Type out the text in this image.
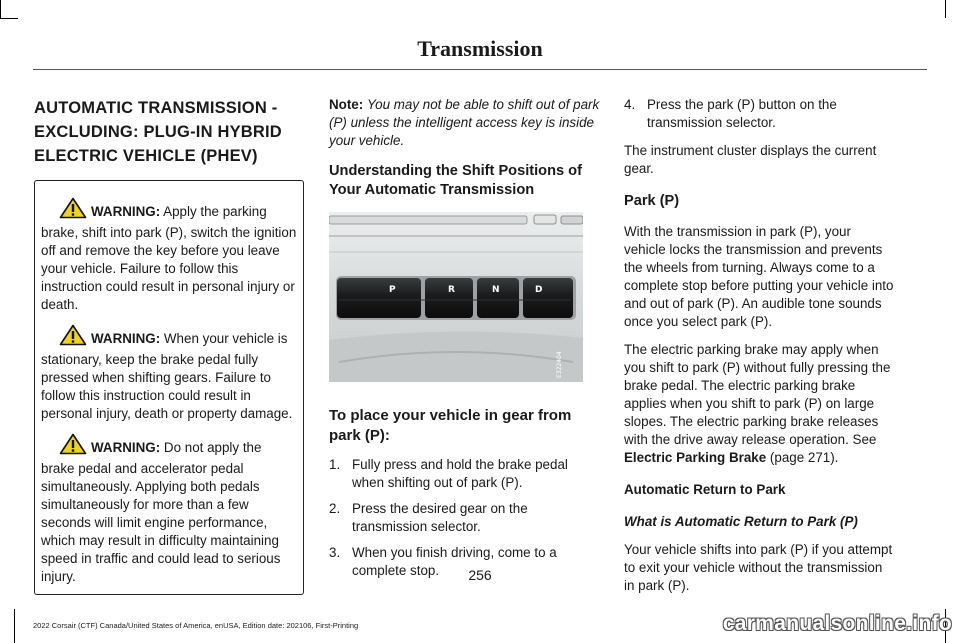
Transmission
AUTOMATIC TRANSMISSION - EXCLUDING: PLUG-IN HYBRID ELECTRIC VEHICLE (PHEV)

WARNING: Apply the parking brake, shift into park (P), switch the ignition off and remove the key before you leave your vehicle. Failure to follow this instruction could result in personal injury or death.

WARNING: When your vehicle is stationary, keep the brake pedal fully pressed when shifting gears. Failure to follow this instruction could result in personal injury, death or property damage.

WARNING: Do not apply the brake pedal and accelerator pedal simultaneously. Applying both pedals simultaneously for more than a few seconds will limit engine performance, which may result in difficulty maintaining speed in traffic and could lead to serious injury.

Note: You may not be able to shift out of park (P) unless the intelligent access key is inside your vehicle.

Understanding the Shift Positions of Your Automatic Transmission
P	R	N	D
E322404
To place your vehicle in gear from park (P):
1. Fully press and hold the brake pedal when shifting out of park (P).
2. Press the desired gear on the transmission selector.
3. When you finish driving, come to a complete stop.
4. Press the park (P) button on the transmission selector.

The instrument cluster displays the current gear.

Park (P)

With the transmission in park (P), your vehicle locks the transmission and prevents the wheels from turning. Always come to a complete stop before putting your vehicle into and out of park (P). An audible tone sounds once you select park (P).

The electric parking brake may apply when you shift to park (P) without fully pressing the brake pedal. The electric parking brake applies when you shift to park (P) on large slopes. The electric parking brake releases with the drive away release operation. See Electric Parking Brake (page 271).

Automatic Return to Park

What is Automatic Return to Park (P)

Your vehicle shifts into park (P) if you attempt to exit your vehicle without the transmission in park (P).

256
2022 Corsair (CTF) Canada/United States of America, enUSA, Edition date: 202106, First-Printing	carmanualsonline.info
